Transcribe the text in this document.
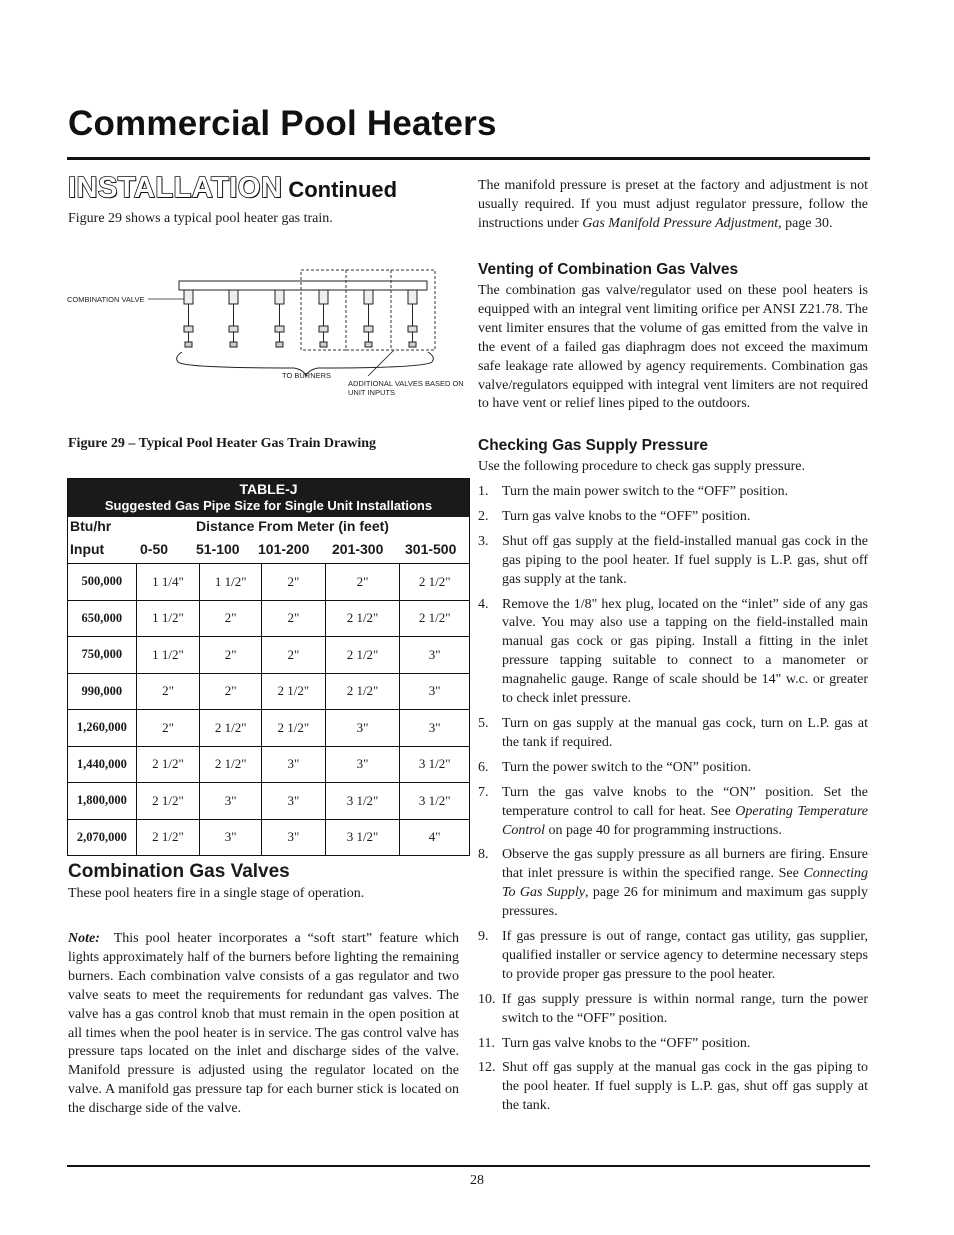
Commercial Pool Heaters
INSTALLATION Continued
Figure 29 shows a typical pool heater gas train.
COMBINATION VALVE
TO BURNERS
ADDITIONAL VALVES BASED ON
UNIT INPUTS
Figure 29 – Typical Pool Heater Gas Train Drawing
TABLE-J
Suggested Gas Pipe Size for Single Unit Installations
Btu/hr	Distance From Meter (in feet)
Input	0-50 51-100 101-200 201-300 301-500
500,000	1 1/4"	1 1/2"	2"	2"	2 1/2"
650,000	1 1/2"	2"	2"	2 1/2"	2 1/2"
750,000	1 1/2"	2"	2"	2 1/2"	3"
990,000	2"	2"	2 1/2"	2 1/2"	3"
1,260,000	2"	2 1/2"	2 1/2"	3"	3"
1,440,000	2 1/2"	2 1/2"	3"	3"	3 1/2"
1,800,000	2 1/2"	3"	3"	3 1/2"	3 1/2"
2,070,000	2 1/2"	3"	3"	3 1/2"	4"
Combination Gas Valves
These pool heaters fire in a single stage of operation.

Note: This pool heater incorporates a “soft start” feature which lights approximately half of the burners before lighting the remaining burners. Each combination valve consists of a gas regulator and two valve seats to meet the requirements for redundant gas valves. The valve has a gas control knob that must remain in the open position at all times when the pool heater is in service. The gas control valve has pressure taps located on the inlet and discharge sides of the valve. Manifold pressure is adjusted using the regulator located on the valve. A manifold gas pressure tap for each burner stick is located on the discharge side of the valve.

The manifold pressure is preset at the factory and adjustment is not usually required. If you must adjust regulator pressure, follow the instructions under Gas Manifold Pressure Adjustment, page 30.

Venting of Combination Gas Valves

The combination gas valve/regulator used on these pool heaters is equipped with an integral vent limiting orifice per ANSI Z21.78. The vent limiter ensures that the volume of gas emitted from the valve in the event of a failed gas diaphragm does not exceed the maximum safe leakage rate allowed by agency requirements. Combination gas valve/regulators equipped with integral vent limiters are not required to have vent or relief lines piped to the outdoors.

Checking Gas Supply Pressure

Use the following procedure to check gas supply pressure.

1. Turn the main power switch to the “OFF” position.
2. Turn gas valve knobs to the “OFF” position.
3. Shut off gas supply at the field-installed manual gas cock in the gas piping to the pool heater. If fuel supply is L.P. gas, shut off gas supply at the tank.
4. Remove the 1/8" hex plug, located on the “inlet” side of any gas valve. You may also use a tapping on the field-installed main manual gas cock or gas piping. Install a fitting in the inlet pressure tapping suitable to connect to a manometer or magnahelic gauge. Range of scale should be 14" w.c. or greater to check inlet pressure.
5. Turn on gas supply at the manual gas cock, turn on L.P. gas at the tank if required.
6. Turn the power switch to the “ON” position.
7. Turn the gas valve knobs to the “ON” position. Set the temperature control to call for heat. See Operating Temperature Control on page 40 for programming instructions.
8. Observe the gas supply pressure as all burners are firing. Ensure that inlet pressure is within the specified range. See Connecting To Gas Supply, page 26 for minimum and maximum gas supply pressures.
9. If gas pressure is out of range, contact gas utility, gas supplier, qualified installer or service agency to determine necessary steps to provide proper gas pressure to the pool heater.
10. If gas supply pressure is within normal range, turn the power switch to the “OFF” position.
11. Turn gas valve knobs to the “OFF” position.
12. Shut off gas supply at the manual gas cock in the gas piping to the pool heater. If fuel supply is L.P. gas, shut off gas supply at the tank.
28
